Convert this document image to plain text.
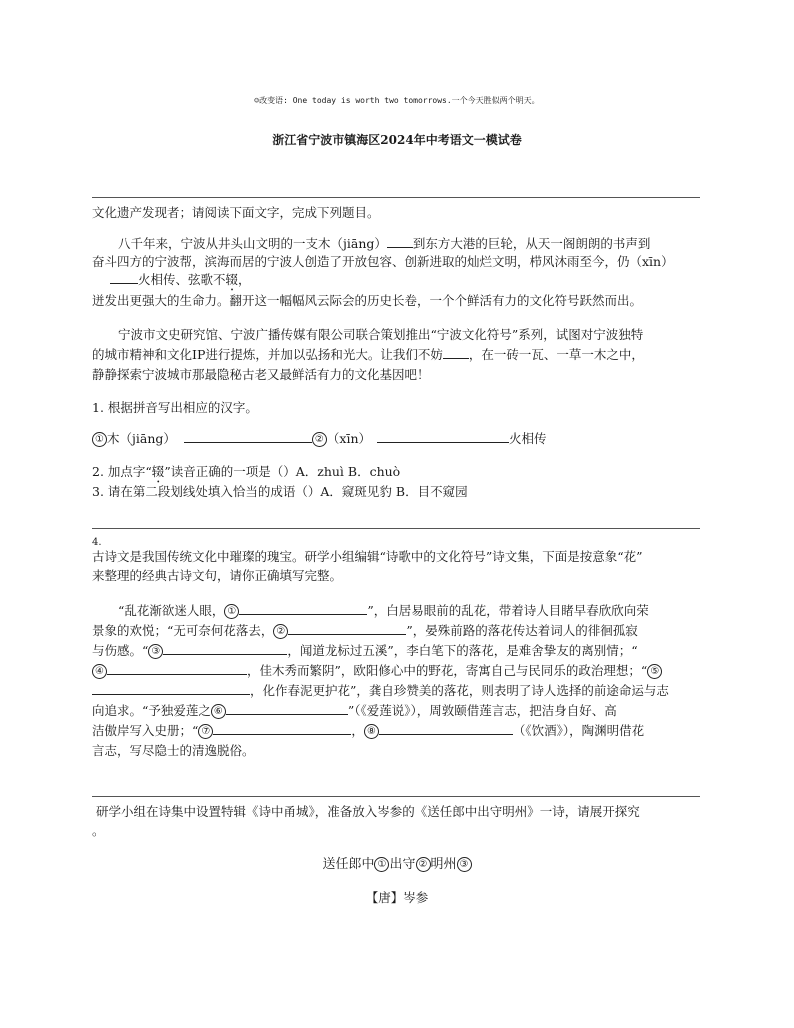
☺改变语: One today is worth two tomorrows.一个今天胜似两个明天。
浙江省宁波市镇海区2024年中考语文一模试卷
文化遗产发现者；请阅读下面文字，完成下列题目。
八千年来，宁波从井头山文明的一支木（jiāng） 到东方大港的巨轮，从天一阁朗朗的书声到
奋斗四方的宁波帮，滨海而居的宁波人创造了开放包容、创新进取的灿烂文明，栉风沐雨至今，仍（xīn）
火相传、弦歌不辍，
迸发出更强大的生命力。翻开这一幅幅风云际会的历史长卷，一个个鲜活有力的文化符号跃然而出。
宁波市文史研究馆、宁波广播传媒有限公司联合策划推出“宁波文化符号”系列，试图对宁波独特
的城市精神和文化IP进行提炼，并加以弘扬和光大。让我们不妨 ，在一砖一瓦、一草一木之中，
静静探索宁波城市那最隐秘古老又最鲜活有力的文化基因吧！
1. 根据拼音写出相应的汉字。
① 木（jiāng）	② （xīn）	火相传
2. 加点字“辍”读音正确的一项是（）A．zhuì B．chuò
3. 请在第二段划线处填入恰当的成语（）A．窥斑见豹 B．目不窥园
4.
古诗文是我国传统文化中璀璨的瑰宝。研学小组编辑“诗歌中的文化符号”诗文集，下面是按意象“花”
来整理的经典古诗文句，请你正确填写完整。
“乱花渐欲迷人眼， ①	”，白居易眼前的乱花，带着诗人目睹早春欣欣向荣
景象的欢悦；“无可奈何花落去， ②	”，晏殊前路的落花传达着词人的徘徊孤寂
与伤感。“ ③	，闻道龙标过五溪”，李白笔下的落花，是难舍挚友的离别情；“
④	，佳木秀而繁阴”，欧阳修心中的野花，寄寓自己与民同乐的政治理想；“ ⑤
，化作春泥更护花”，龚自珍赞美的落花，则表明了诗人选择的前途命运与志
向追求。“予独爱莲之 ⑥	”（《爱莲说》），周敦颐借莲言志，把洁身自好、高
洁傲岸写入史册；“ ⑦	， ⑧	（《饮酒》），陶渊明借花
言志，写尽隐士的清逸脱俗。
研学小组在诗集中设置特辑《诗中甬城》，准备放入岑参的《送任郎中出守明州》一诗，请展开探究
。
送任郎中 ① 出守 ② 明州 ③
【唐】岑参
